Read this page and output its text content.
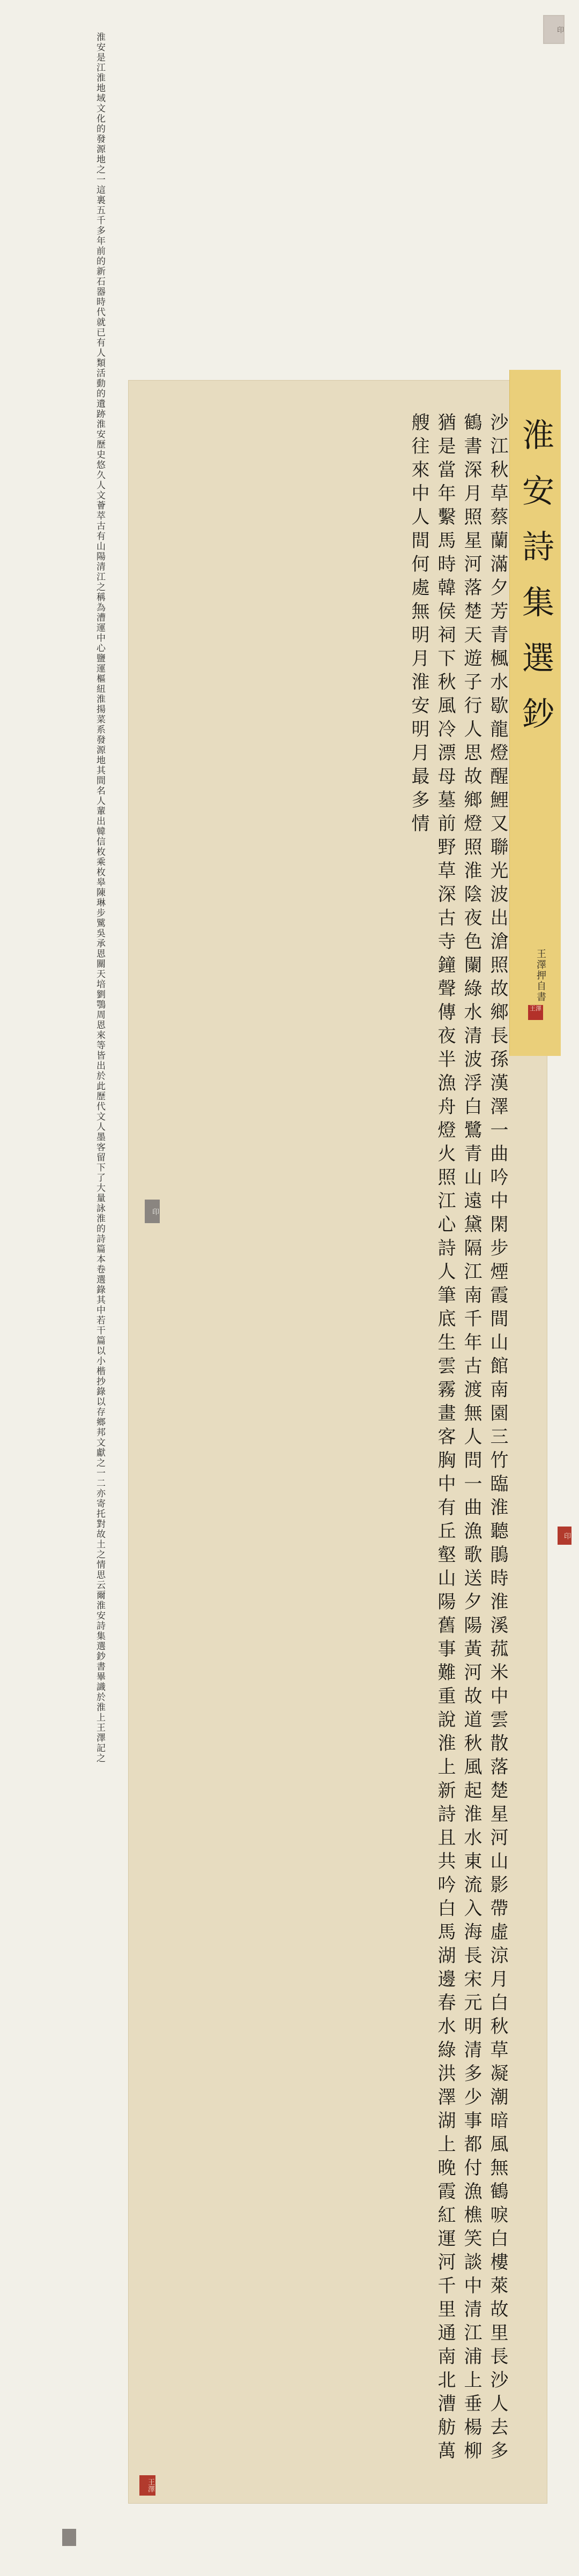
淮安是江淮地域文化的發源地之一這裏五千多年前的新石器時代就已有人類活動的遺跡淮安歷史悠久人文薈萃古有山陽清江之稱為漕運中心鹽運樞紐淮揚菜系發源地其間名人輩出韓信枚乘枚皋陳琳步騭吳承恩關天培劉鶚周恩來等皆出於此歷代文人墨客留下了大量詠淮的詩篇本卷選錄其中若干篇以小楷抄錄以存鄉邦文獻之一二亦寄托對故土之情思云爾淮安詩集選鈔書畢識於淮上王澤記之
印
沙江秋草蔡蘭滿夕芳青楓水歇龍燈醒鯉又聯光波出滄照故鄉長孫漢澤一曲吟中閑步煙霞間山館南園三竹臨淮聽鵑時淮溪菰米中雲散落楚星河山影帶虛涼月白秋草凝潮暗風無鶴唳白樓萊故里長沙人去多鶴書深月照星河落楚天遊子行人思故鄉燈照淮陰夜色闌綠水清波浮白鷺青山遠黛隔江南千年古渡無人問一曲漁歌送夕陽黃河故道秋風起淮水東流入海長宋元明清多少事都付漁樵笑談中清江浦上垂楊柳猶是當年繫馬時韓侯祠下秋風冷漂母墓前野草深古寺鐘聲傳夜半漁舟燈火照江心詩人筆底生雲霧畫客胸中有丘壑山陽舊事難重說淮上新詩且共吟白馬湖邊春水綠洪澤湖上晚霞紅運河千里通南北漕舫萬艘往來中人間何處無明月淮安明月最多情	淮安詩集選鈔
王澤押自書
王澤
印
印
王澤
